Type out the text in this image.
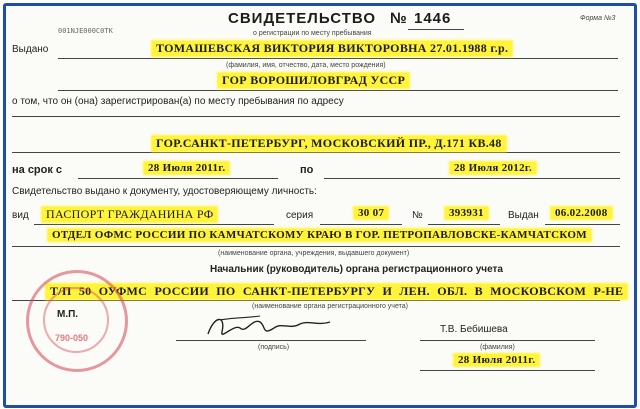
001NJE000C0TK
СВИДЕТЕЛЬСТВО № 1446	Форма №3
о регистрации по месту пребывания
Выдано	ТОМАШЕВСКАЯ ВИКТОРИЯ ВИКТОРОВНА 27.01.1988 г.р.
(фамилия, имя, отчество, дата, место рождения)
ГОР ВОРОШИЛОВГРАД УССР
о том, что он (она) зарегистрирован(а) по месту пребывания по адресу
ГОР.САНКТ-ПЕТЕРБУРГ, МОСКОВСКИЙ ПР., Д.171 КВ.48
на срок с	28 Июля 2011г.	по	28 Июля 2012г.
Свидетельство выдано к документу, удостоверяющему личность:
вид	ПАСПОРТ ГРАЖДАНИНА РФ	серия	30 07	№	393931	Выдан	06.02.2008
ОТДЕЛ ОФМС РОССИИ ПО КАМЧАТСКОМУ КРАЮ В ГОР. ПЕТРОПАВЛОВСКЕ-КАМЧАТСКОМ
(наименование органа, учреждения, выдавшего документ)
Начальник (руководитель) органа регистрационного учета
Т/П 50 ОУФМС РОССИИ ПО САНКТ-ПЕТЕРБУРГУ И ЛЕН. ОБЛ. В МОСКОВСКОМ Р-НЕ
(наименование органа регистрационного учета)
М.П.
790-050
(подпись)
Т.В. Бебишева
(фамилия)
28 Июля 2011г.
